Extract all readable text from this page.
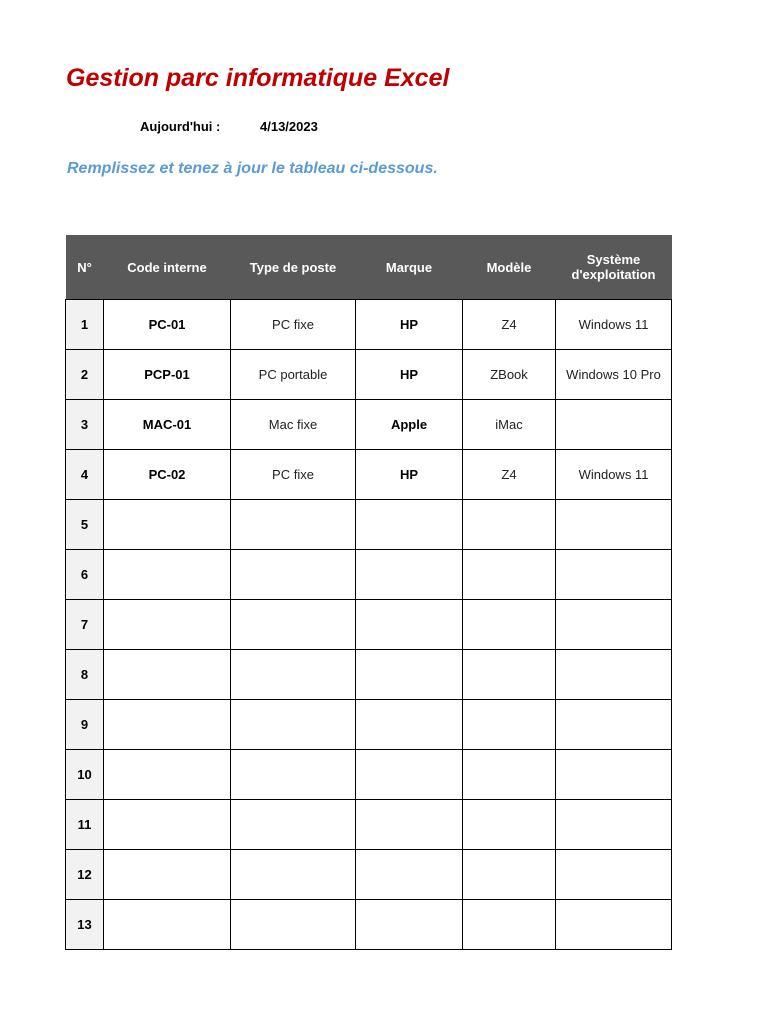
Gestion parc informatique Excel
Aujourd'hui :	4/13/2023
Remplissez et tenez à jour le tableau ci-dessous.
N°	Code interne	Type de poste	Marque	Modèle	Système d'exploitation
1	PC-01	PC fixe	HP	Z4	Windows 11
2	PCP-01	PC portable	HP	ZBook	Windows 10 Pro
3	MAC-01	Mac fixe	Apple	iMac	
4	PC-02	PC fixe	HP	Z4	Windows 11
5					
6					
7					
8					
9					
10					
11					
12					
13					
